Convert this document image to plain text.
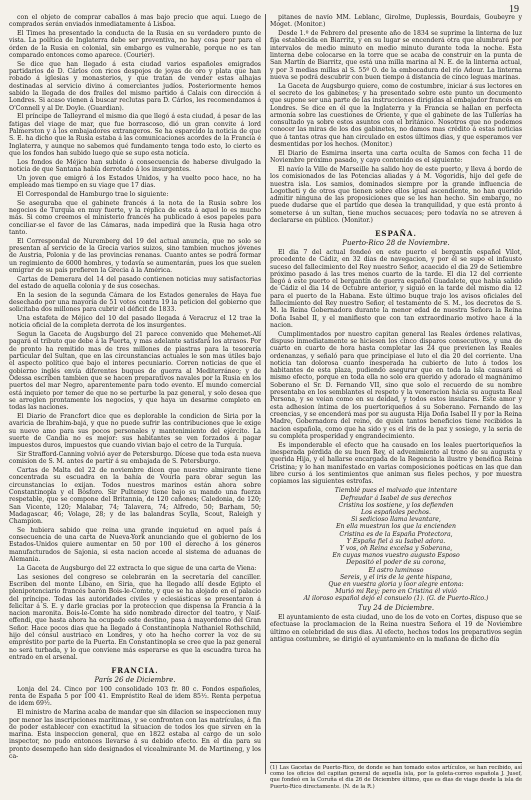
19

con el objeto de comprar caballos á mas bajo precio que aquí. Luego de comprados serán enviados inmediatamente á Lisboa.

El Times ha presentado la conducta de la Rusia en su verdadero punto de vista. La política de Inglaterra debe ser preventiva, no hay cosa peor para el órden de la Rusia en colonial, sin embargo es vulnerable, porque no es tan comparado entonces como aparece. (Courier).

Se dice que han llegado á esta ciudad varios españoles emigrados partidarios de D. Cárlos con ricos despojos de joyas de oro y plata que han robado á iglesias y monasterios, y que tratan de vender estas alhajas destinadas al servicio divino á comerciantes judíos. Posteriormente hemos sabido la llegada de dos frailes del mismo partido á Calais con dirección á Londres. Si acaso vienen á buscar reclutas para D. Cárlos, les recomendamos á O'Connell y al Dr. Doyle. (Guardian).

El príncipe de Talleyrand el mismo dia que llegó á esta ciudad, á pesar de las fatigas del viage de mar, que fue borrascoso, dió un gran convite á lord Palmerston y á los embajadores extrangeros. Se ha esparcido la noticia de que S. E. ha dicho que la Rusia estaba á las comunicaciones acordes de la Francia é Inglaterra, y aunque no sabemos qué fundamento tenga todo esto, lo cierto es que los fondos han subido luego que se supo esta noticia.

Los fondos de Méjico han subido á consecuencia de haberse divulgado la noticia de que Santana había derrotado á los insurgentes.

Un joven que emigró á los Estados Unidos, y ha vuelto poco hace, no ha empleado mas tiempo en su viage que 17 dias.

El Correspondal de Hamburgo trae lo siguiente:

Se aseguraba que el gabinete francés á la nota de la Rusia sobre los negocios de Turquía en muy fuerte, y la réplica de esta á aquel lo es mucho más. Si como creemos el ministerio francés ha publicado á esos papeles para conciliar-se el favor de las Cámaras, nada impedirá que la Rusia haga otro tanto.

El Correspondal de Nuremberg del 19 del actual anuncia, que no solo se presentan al servicio de la Grecia varios suizos, sino tambien muchos jóvenes de Austria, Polonia y de las provincias renanas. Cuanto antes se podrá formar un regimiento de 6000 hombres, y todavía se aumentarán, pues los que suelen emigrar de su país prefieren la Grecia á la América.

Cartas de Demerara del 14 del pasado contienen noticias muy satisfactorias del estado de aquella colonia y de sus cosechas.

En la sesion de la segunda Cámara de los Estados generales de Haya fue desechado por una mayoría de 51 votos contra 19 la peticion del gobierno que solicitaba dos millones para cubrir el déficit de 1833.

Una estafeta de Méjico del 10 del pasado llegada á Veracruz el 12 trae la noticia oficial de la completa derrota de los insurgentes.

Segun la Gaceta de Augsburgo del 21 parece convenido que Mehemet-Alí pagará el tributo que debe á la Puerta, y mas adelante satisfará los atrasos. Por de pronto ha remitido mas de tres millones de piastras para la tesorería particular del Sultan, que en las circunstancias actuales le son mas útiles bajo el aspecto político que bajo el interes pecuniario. Corren noticias de que el gobierno inglés envía diferentes buques de guerra al Mediterráneo; y de Odessa escriben tambien que se hacen preparativos navales por la Rusia en los puertos del mar Negro, aparentemente para todo evento. El mundo comercial está inquieto por temer de que no se perturbe la paz general, y solo desea que se arreglen prontamente los negocios, y que haya un desarme completo en todas las naciones.

El Diario de Francfort dice que es deplorable la condicion de Siria por la avaricia de Ibrahim-bajá, y que no puede sufrir las contribuciones que le exige su nuevo amo para sus pocos personales y mantenimiento del ejército. La suerte de Candia no es mejor: sus habitantes se ven forzados á pagar impuestos duros, impuestos que cuando vivian bajo el cetro de la Turquía.

Sir Strafford-Canning volvió ayer de Petersburgo. Dícese que toda esta nueva comision de S. M. antes de partir á su embajada de S. Petersburgo.

Cartas de Malta del 22 de noviembre dicen que nuestro almirante tiene concentrada su escuadra en la bahía de Vourla para obrar segun las circunstancias lo exijan. Todos nuestros marinos están ahora sobre Constantinopla y el Bósforo. Sir Pulteney tiene bajo su mando una fuerza respetable, que se compone del Britannia, de 120 cañones; Caledonia, de 120; San Vicente, 120; Malabar, 74; Talavera, 74; Alfredo, 50; Barham, 50; Madagascar, 46; Volage, 28; y de las balandras Scylla, Scout, Raleigh y Champion.

Se hubiera sabido que reina una grande inquietud en aquel país á consecuencia de una carta de Nueva-York anunciando que el gobierno de los Estados-Unidos quiere aumentar en 50 por 100 el derecho á los géneros manufacturados de Sajonia, si esta nacion accede al sistema de aduanas de Alemania.

La Gaceta de Augsburgo del 22 extracta lo que sigue de una carta de Viena:

Las sesiones del congreso se celebrarán en la secretaría del canciller. Escriben del monte Líbano, en Siria, que ha llegado allí desde Egipto el plenipotenciario francés barón Bois-le-Comte, y que se ha alojado en el palacio del príncipe. Todas las autoridades civiles y eclesiásticas se presentaron á felicitar á S. E. y darle gracias por la proteccion que dispensa la Francia á la nacion maronita. Bois-le-Comte ha sido nombrado director del teatro, y Naif-effendi, que hasta ahora ha ocupado este destino, pasa á mayordomo del Gran Señor. Hace pocos dias que ha llegado á Constantinopla Nathaniel Rothschild, hijo del cónsul austriaco en Londres, y oto ha hecho correr la voz de su empréstito por parte de la Puerta. En Constantinopla se cree que la paz general no será turbada, y lo que conviene más esperarse es que la escuadra turca ha entrado en el arsenal.

FRANCIA.
París 26 de Diciembre.

Lonja del 24. Cinco por 100 consolidado 103 fr. 80 c. Fondos españoles, renta de España 5 por 100 41. Empréstito Real de idem 85½. Renta perpetua de idem 69½.

El ministro de Marina acaba de mandar que sin dilacion se inspeccionen muy por menor las inscripciones marítimas, y se confronten con las matrículas, á fin de poder establecer con exactitud la situacion de todos los que sirven en la marina. Esta inspeccion general, que en 1822 estaba al cargo de un solo inspector, no pudo entonces llevarse á su debido efecto. En el dia para su pronto desempeño han sido designados el vicealmirante M. de Martineng, y los ca-

pitanes de navío MM. Leblanc, Girolme, Duplessis, Bourdais, Goubeyre y Moget. (Monitor.)

Desde 1.º de Febrero del presente año de 1834 se suprime la linterna de luz fija establecida en Biarritz, y en su lugar se encenderá otra que alumbrará por intervalos de medio minuto en medio minuto durante toda la noche. Esta linterna debe colocarse en la torre que se acaba de construir en la punta de San Martín de Biarritz, que está una milla marina al N. E. de la linterna actual, y por 3 medias millas al S. 55º O. de la embocadura del río Adour. La linterna nueva se podrá descubrir con buen tiempo á distancia de cinco leguas marinas.

La Gaceta de Augsburgo quiere, como de costumbre, iniciar á sus lectores en el secreto de los gabinetes; y ha presentado sobre este punto un documento que supone ser una parte de las instrucciones dirigidas al embajador francés en Londres. Se dice en él que la Inglaterra y la Francia se hallan en perfecta armonía sobre las cuestiones de Oriente, y que el gabinete de las Tullerías ha consultado ya sobre estos asuntos con el británico. Nosotros que no podemos conocer las miras de los dos gabinetes, no damos mas crédito á estas noticias que á tantas otras que han circulado en estos últimos dias, y que esperamos ver desmentidas por los hechos. (Monitor.)

El Diario de Esmirna inserta una carta oculta de Samos con fecha 11 de Noviembre próximo pasado, y cayo contenido es el siguiente:

El navío la Ville de Marseille ha salido hoy de este puerto, y lleva á bordo de los comisionados de las Potencias aliadas y á M. Vogoridis, hijo del gefe de nuestra isla. Los samios, dominados siempre por la grande influencia de Logotheti y de otros que tienen sobre ellos igual ascendiente, no han querido admitir ninguna de las proposiciones que se les han hecho. Sin embargo, no puede dudarse que el partido que desea la tranquilidad, y que está pronto á someterse á un sultan, tiene muchos secuaces; pero todavía no se atreven á declararse en público. (Monitor.)

ESPAÑA.
Puerto-Rico 28 de Noviembre.

El dia 7 del actual fondeó en este puerto el bergantín español Vilot, procedente de Cádiz, en 32 dias de navegacion, y por él se supo el infausto suceso del fallecimiento del Rey nuestro Señor, acaecido el dia 29 de Setiembre próximo pasado á las tres menos cuarto de la tarde. El dia 12 del corriente llegó á este puerto el bergantín de guerra español Guadalete, que había salido de Cádiz el dia 14 de Octubre anterior, y siguió en la tarde del mismo dia 12 para el puerto de la Habana. Este último buque trajo los avisos oficiales del fallecimiento del Rey nuestro Señor, el testamento de S. M., los decretos de S. M. la Reina Gobernadora durante la menor edad de nuestra Señora la Reina Doña Isabel II, y el manifiesto que con tan extraordinario motivo hace á la nacion.

Cumplimentados por nuestro capitan general las Reales órdenes relativas, dispuso inmediatamente se hiciesen los cinco disparos consecutivos, y una de cuarto en cuarto de hora hasta completar las 24 que previenen las Reales ordenanzas, y señaló para que principiase el luto el dia 20 del corriente. Una noticia tan dolorosa cuanto inesperada ha cubierto de luto á todos los habitantes de esta plaza, pudiendo asegurar que en toda la isla causará el mismo efecto, porque en toda ella no solo era querido y adorado el magnánimo Soberano el Sr. D. Fernando VII, sino que solo el recuerdo de su nombre presentaba en los semblantes el respeto y la veneracion hácia su augusta Real Persona, y se veian como en su deidad, y todos estos insulares. Este amor y esta adhesion íntima de los puertoriqueños á su Soberano. Fernando de las creencias, y se encenderá mas por su augusta Hija Doña Isabel II y por la Reina Madre, Gobernadora del reino, de quien tantos beneficios tiene recibidos la nacion española, como que ha sido y es el íris de la paz y sosiego, y la seria de su completa prosperidad y engrandecimiento.

Es imponderable el efecto que ha causado en los leales puertoriqueños la inesperada pérdida de su buen Rey, el advenimiento al trono de su augusta y querida Hija, y el hallarse encargada de la Regencia la ilustre y benéfica Reina Cristina; y lo han manifestado en varias composiciones poéticas en las que dan libre curso á los sentimientos que animan sus fieles pechos, y por muestra copiamos las siguientes estrofas.

Tiemblé pues el malvado que intentare
Defraudar á Isabel de sus derechos
Cristina los sostiene, y los defienden
Los españoles pechos.
Si sedicioso llama levantare,
En ella muestran los que la encienden
Cristina es de la España Protectora,
Y España fiel á su Isabel adora.
Y vos, oh Reina excelsa y Soberana,
En cuyas manos vuestro augusto Esposo
Depositó el poder de su corona,
El astro luminoso
Sereis, y el iris de la gente hispana,
Que en vuestra gloria y loor alegre entona:
Murió mi Rey; pero en Cristina él vivió
Al iloroso español dejó el consuelo (1). (G. de Puerto-Rico.)
Tuy 24 de Diciembre.

El ayuntamiento de esta ciudad, uno de los de voto en Cortes, dispuso que se efectuase la proclamacion de la Reina nuestra Señora el 19 de Noviembre último en celebridad de sus dias. Al efecto, hechos todos los preparativos según antigua costumbre, se dirigió el ayuntamiento en la mañana de dicho día

(1) Las Gacetas de Puerto-Rico, de donde se han tomado estos artículos, se han recibido, así como los oficios del capitan general de aquella isla, por la goleta-correo española J. Jusef, que fondeó en la Coruña el dia 26 de Diciembre último, que es dias de viage desde la isla de Puerto-Rico directamente. (N. de la R.)
